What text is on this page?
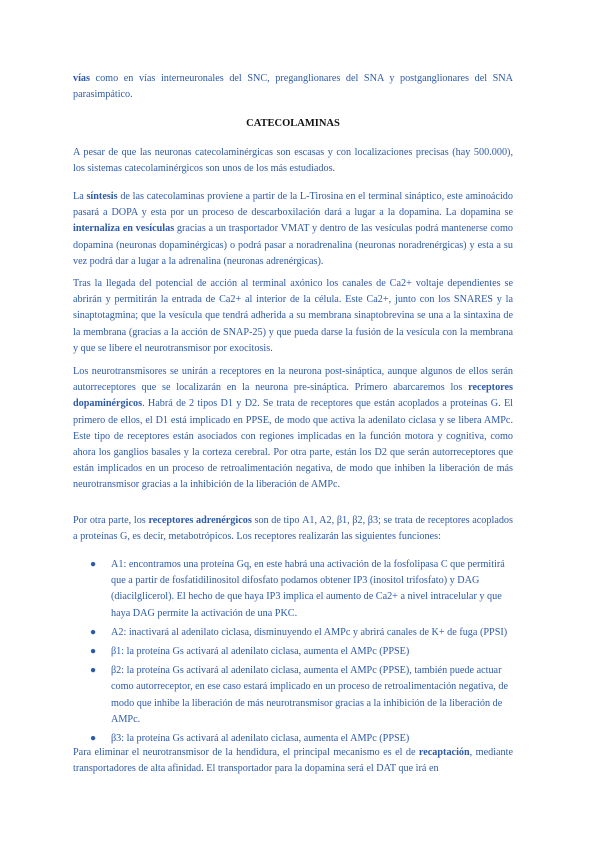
vías como en vías interneuronales del SNC, preganglionares del SNA y postganglionares del SNA parasimpático.

CATECOLAMINAS

A pesar de que las neuronas catecolaminérgicas son escasas y con localizaciones precisas (hay 500.000), los sistemas catecolaminérgicos son unos de los más estudiados.

La síntesis de las catecolaminas proviene a partir de la L-Tirosina en el terminal sináptico, este aminoácido pasará a DOPA y esta por un proceso de descarboxilación dará a lugar a la dopamina. La dopamina se internaliza en vesículas gracias a un trasportador VMAT y dentro de las vesículas podrá mantenerse como dopamina (neuronas dopaminérgicas) o podrá pasar a noradrenalina (neuronas noradrenérgicas) y esta a su vez podrá dar a lugar a la adrenalina (neuronas adrenérgicas).

Tras la llegada del potencial de acción al terminal axónico los canales de Ca2+ voltaje dependientes se abrirán y permitirán la entrada de Ca2+ al interior de la célula. Este Ca2+, junto con los SNARES y la sinaptotagmina; que la vesícula que tendrá adherida a su membrana sinaptobrevina se una a la sintaxina de la membrana (gracias a la acción de SNAP-25) y que pueda darse la fusión de la vesícula con la membrana y que se libere el neurotransmisor por exocitosis.

Los neurotransmisores se unirán a receptores en la neurona post-sináptica, aunque algunos de ellos serán autorreceptores que se localizarán en la neurona pre-sináptica. Primero abarcaremos los receptores dopaminérgicos. Habrá de 2 tipos D1 y D2. Se trata de receptores que están acoplados a proteínas G. El primero de ellos, el D1 está implicado en PPSE, de modo que activa la adenilato ciclasa y se libera AMPc. Este tipo de receptores están asociados con regiones implicadas en la función motora y cognitiva, como ahora los ganglios basales y la corteza cerebral. Por otra parte, están los D2 que serán autorreceptores que están implicados en un proceso de retroalimentación negativa, de modo que inhiben la liberación de más neurotransmisor gracias a la inhibición de la liberación de AMPc.

Por otra parte, los receptores adrenérgicos son de tipo Α1, Α2, β1, β2, β3; se trata de receptores acoplados a proteínas G, es decir, metabotrópicos. Los receptores realizarán las siguientes funciones:

● Α1: encontramos una proteína Gq, en este habrá una activación de la fosfolipasa C que permitirá que a partir de fosfatidilinositol difosfato podamos obtener IP3 (inositol trifosfato) y DAG (diacilglicerol). El hecho de que haya IP3 implica el aumento de Ca2+ a nivel intracelular y que haya DAG permite la activación de una PKC.
● Α2: inactivará al adenilato ciclasa, disminuyendo el AMPc y abrirá canales de K+ de fuga (PPSI)
● β1: la proteína Gs activará al adenilato ciclasa, aumenta el AMPc (PPSE)
● β2: la proteína Gs activará al adenilato ciclasa, aumenta el AMPc (PPSE), también puede actuar como autorreceptor, en ese caso estará implicado en un proceso de retroalimentación negativa, de modo que inhibe la liberación de más neurotransmisor gracias a la inhibición de la liberación de AMPc.
● β3: la proteína Gs activará al adenilato ciclasa, aumenta el AMPc (PPSE)

Para eliminar el neurotransmisor de la hendidura, el principal mecanismo es el de recaptación, mediante transportadores de alta afinidad. El transportador para la dopamina será el DAT que irá en
